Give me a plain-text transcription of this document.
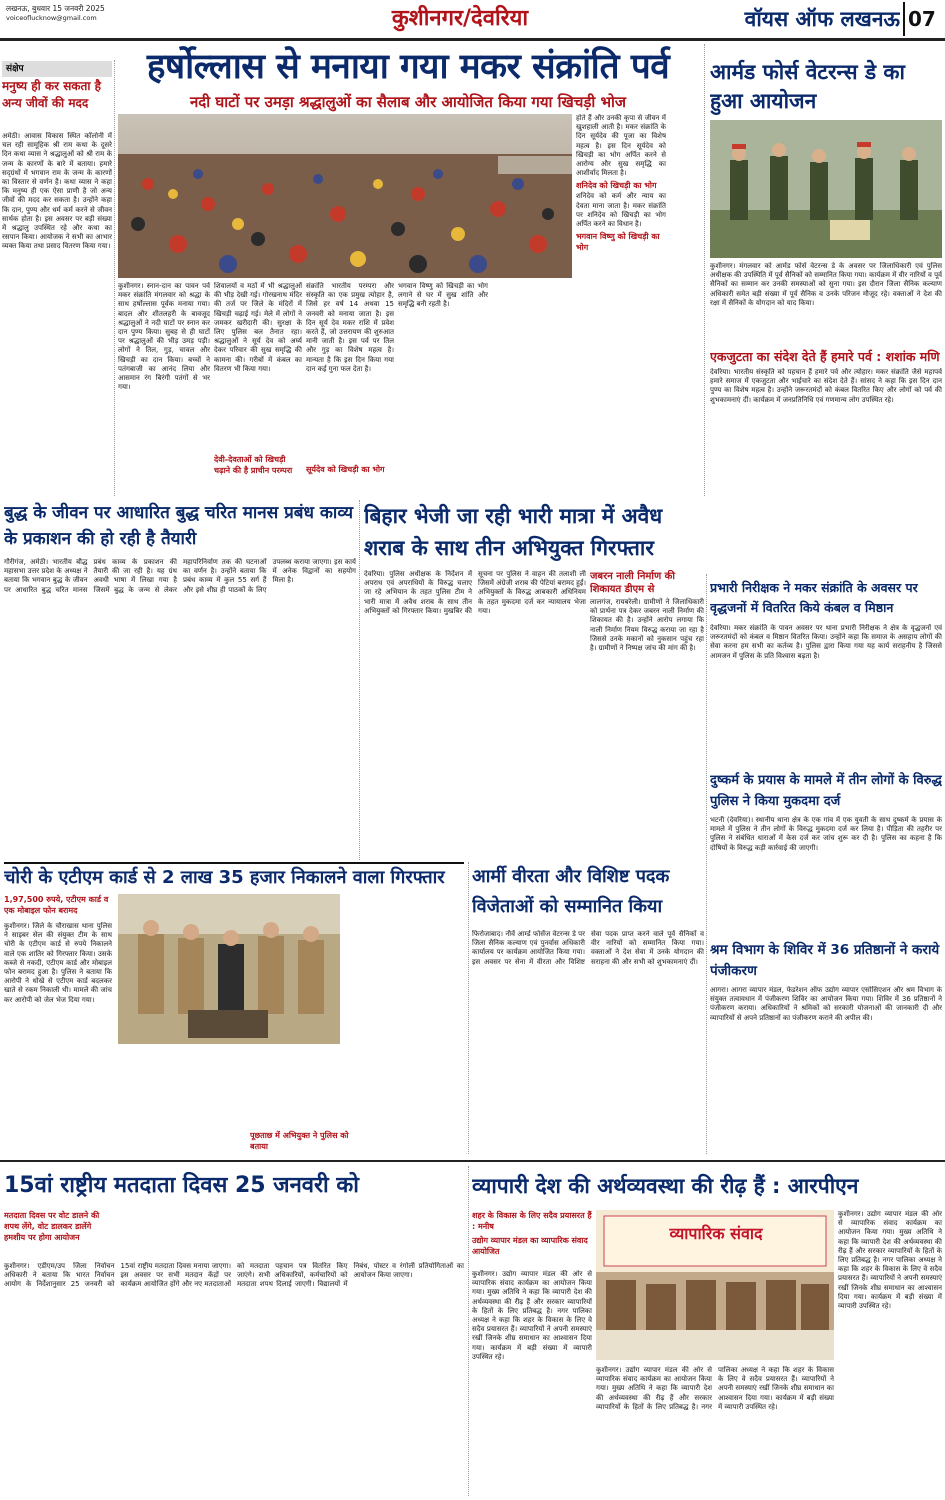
लखनऊ, बुधवार 15 जनवरी 2025
voiceoflucknow@gmail.com	कुशीनगर/देवरिया	वॉयस ऑफ लखनऊ 07
संक्षेप
मनुष्य ही कर सकता है अन्य जीवों की मदद
अमेठी। आवास विकास स्थित कॉलोनी में चल रही सामूहिक श्री राम कथा के दूसरे दिन कथा व्यास ने श्रद्धालुओं को श्री राम के जन्म के कारणों के बारे में बताया। हमारे सद्ग्रंथों में भगवान राम के जन्म के कारणों का विस्तार से वर्णन है। कथा व्यास ने कहा कि मनुष्य ही एक ऐसा प्राणी है जो अन्य जीवों की मदद कर सकता है। उन्होंने कहा कि दान, पुण्य और धर्म कर्म करने से जीवन सार्थक होता है। इस अवसर पर बड़ी संख्या में श्रद्धालु उपस्थित रहे और कथा का रसपान किया। आयोजक ने सभी का आभार व्यक्त किया तथा प्रसाद वितरण किया गया।
हर्षोल्लास से मनाया गया मकर संक्रांति पर्व
नदी घाटों पर उमड़ा श्रद्धालुओं का सैलाब और आयोजित किया गया खिचड़ी भोज
कुशीनगर। स्नान-दान का पावन पर्व मकर संक्रांति मंगलवार को श्रद्धा के साथ हर्षोल्लास पूर्वक मनाया गया। बादल और शीतलहरी के बावजूद श्रद्धालुओं ने नदी घाटों पर स्नान कर दान पुण्य किया। सुबह से ही घाटों पर श्रद्धालुओं की भीड़ उमड़ पड़ी। लोगों ने तिल, गुड़, चावल और खिचड़ी का दान किया। बच्चों ने पतंगबाजी का आनंद लिया और आसमान रंग बिरंगी पतंगों से भर गया।
शिवालयों व मठों में भी श्रद्धालुओं की भीड़ देखी गई। गोरखनाथ मंदिर की तर्ज पर जिले के मंदिरों में खिचड़ी चढ़ाई गई। मेले में लोगों ने जमकर खरीदारी की। सुरक्षा के लिए पुलिस बल तैनात रहा। श्रद्धालुओं ने सूर्य देव को अर्घ्य देकर परिवार की सुख समृद्धि की कामना की। गरीबों में कंबल का वितरण भी किया गया।
देवी-देवताओं को खिचड़ी चढ़ाने की है प्राचीन परम्परा
संक्रांति भारतीय परम्परा और संस्कृति का एक प्रमुख त्योहार है, जिसे हर वर्ष 14 अथवा 15 जनवरी को मनाया जाता है। इस दिन सूर्य देव मकर राशि में प्रवेश करते हैं, जो उत्तरायण की शुरुआत मानी जाती है। इस पर्व पर तिल और गुड़ का विशेष महत्व है। मान्यता है कि इस दिन किया गया दान कई गुना फल देता है।
सूर्यदेव को खिचड़ी का भोग
भगवान विष्णु को खिचड़ी का भोग लगाने से घर में सुख शांति और समृद्धि बनी रहती है।
होते हैं और उनकी कृपा से जीवन में खुशहाली आती है। मकर संक्रांति के दिन सूर्यदेव की पूजा का विशेष महत्व है। इस दिन सूर्यदेव को खिचड़ी का भोग अर्पित करने से आरोग्य और सुख समृद्धि का आशीर्वाद मिलता है।
शनिदेव को खिचड़ी का भोग
शनिदेव को कर्म और न्याय का देवता माना जाता है। मकर संक्रांति पर शनिदेव को खिचड़ी का भोग अर्पित करने का विधान है।
भगवान विष्णु को खिचड़ी का भोग
आर्मड फोर्स वेटरन्स डे का हुआ आयोजन
कुशीनगर। मंगलवार को आर्मड फोर्स वेटरन्स डे के अवसर पर जिलाधिकारी एवं पुलिस अधीक्षक की उपस्थिति में पूर्व सैनिकों को सम्मानित किया गया। कार्यक्रम में वीर नारियों व पूर्व सैनिकों का सम्मान कर उनकी समस्याओं को सुना गया। इस दौरान जिला सैनिक कल्याण अधिकारी समेत बड़ी संख्या में पूर्व सैनिक व उनके परिजन मौजूद रहे। वक्ताओं ने देश की रक्षा में सैनिकों के योगदान को याद किया।
एकजुटता का संदेश देते हैं हमारे पर्व : शशांक मणि
देवरिया। भारतीय संस्कृति को पहचान हैं हमारे पर्व और त्योहार। मकर संक्रांति जैसे महापर्व हमारे समाज में एकजुटता और भाईचारे का संदेश देते हैं। सांसद ने कहा कि इस दिन दान पुण्य का विशेष महत्व है। उन्होंने जरूरतमंदों को कंबल वितरित किए और लोगों को पर्व की शुभकामनाएं दीं। कार्यक्रम में जनप्रतिनिधि एवं गणमान्य लोग उपस्थित रहे।
बुद्ध के जीवन पर आधारित बुद्ध चरित मानस प्रबंध काव्य के प्रकाशन की हो रही है तैयारी
गौरीगंज, अमेठी। भारतीय बौद्ध महासभा उत्तर प्रदेश के अध्यक्ष ने बताया कि भगवान बुद्ध के जीवन पर आधारित बुद्ध चरित मानस प्रबंध काव्य के प्रकाशन की तैयारी की जा रही है। यह ग्रंथ अवधी भाषा में लिखा गया है जिसमें बुद्ध के जन्म से लेकर महापरिनिर्वाण तक की घटनाओं का वर्णन है। उन्होंने बताया कि प्रबंध काव्य में कुल 55 सर्ग हैं और इसे शीघ्र ही पाठकों के लिए उपलब्ध कराया जाएगा। इस कार्य में अनेक विद्वानों का सहयोग मिला है।
बिहार भेजी जा रही भारी मात्रा में अवैध शराब के साथ तीन अभियुक्त गिरफ्तार
देवरिया। पुलिस अधीक्षक के निर्देशन में अपराध एवं अपराधियों के विरुद्ध चलाए जा रहे अभियान के तहत पुलिस टीम ने भारी मात्रा में अवैध शराब के साथ तीन अभियुक्तों को गिरफ्तार किया। मुखबिर की सूचना पर पुलिस ने वाहन की तलाशी ली जिसमें अंग्रेजी शराब की पेटियां बरामद हुईं। अभियुक्तों के विरुद्ध आबकारी अधिनियम के तहत मुकदमा दर्ज कर न्यायालय भेजा गया।
जबरन नाली निर्माण की शिकायत डीएम से
लालगंज, रायबरेली। ग्रामीणों ने जिलाधिकारी को प्रार्थना पत्र देकर जबरन नाली निर्माण की शिकायत की है। उन्होंने आरोप लगाया कि नाली निर्माण नियम विरुद्ध कराया जा रहा है जिससे उनके मकानों को नुकसान पहुंच रहा है। ग्रामीणों ने निष्पक्ष जांच की मांग की है।
प्रभारी निरीक्षक ने मकर संक्रांति के अवसर पर वृद्धजनों में वितरित किये कंबल व मिष्ठान
देवरिया। मकर संक्रांति के पावन अवसर पर थाना प्रभारी निरीक्षक ने क्षेत्र के वृद्धजनों एवं जरूरतमंदों को कंबल व मिष्ठान वितरित किया। उन्होंने कहा कि समाज के असहाय लोगों की सेवा करना हम सभी का कर्तव्य है। पुलिस द्वारा किया गया यह कार्य सराहनीय है जिससे आमजन में पुलिस के प्रति विश्वास बढ़ता है।
दुष्कर्म के प्रयास के मामले में तीन लोगों के विरुद्ध पुलिस ने किया मुकदमा दर्ज
भटनी (देवरिया)। स्थानीय थाना क्षेत्र के एक गांव में एक युवती के साथ दुष्कर्म के प्रयास के मामले में पुलिस ने तीन लोगों के विरुद्ध मुकदमा दर्ज कर लिया है। पीड़िता की तहरीर पर पुलिस ने संबंधित धाराओं में केस दर्ज कर जांच शुरू कर दी है। पुलिस का कहना है कि दोषियों के विरुद्ध कड़ी कार्रवाई की जाएगी।
श्रम विभाग के शिविर में 36 प्रतिष्ठानों ने कराये पंजीकरण
आगरा। आगरा व्यापार मंडल, फेडरेशन ऑफ उद्योग व्यापार एसोसिएशन और श्रम विभाग के संयुक्त तत्वावधान में पंजीकरण शिविर का आयोजन किया गया। शिविर में 36 प्रतिष्ठानों ने पंजीकरण कराया। अधिकारियों ने श्रमिकों को सरकारी योजनाओं की जानकारी दी और व्यापारियों से अपने प्रतिष्ठानों का पंजीकरण कराने की अपील की।
चोरी के एटीएम कार्ड से 2 लाख 35 हजार निकालने वाला गिरफ्तार
1,97,500 रुपये, एटीएम कार्ड व एक मोबाइल फोन बरामद
कुशीनगर। जिले के चौराखास थाना पुलिस ने साइबर सेल की संयुक्त टीम के साथ चोरी के एटीएम कार्ड से रुपये निकालने वाले एक शातिर को गिरफ्तार किया। उसके कब्जे से नकदी, एटीएम कार्ड और मोबाइल फोन बरामद हुआ है। पुलिस ने बताया कि आरोपी ने धोखे से एटीएम कार्ड बदलकर खाते से रकम निकाली थी। मामले की जांच कर आरोपी को जेल भेज दिया गया।
पूछताछ में अभियुक्त ने पुलिस को बताया
आर्मी वीरता और विशिष्ट पदक विजेताओं को सम्मानित किया
फिरोजाबाद। नौवें आर्म्ड फोर्सेज वेटरन्स डे पर जिला सैनिक कल्याण एवं पुनर्वास अधिकारी कार्यालय पर कार्यक्रम आयोजित किया गया। इस अवसर पर सेना में वीरता और विशिष्ट सेवा पदक प्राप्त करने वाले पूर्व सैनिकों व वीर नारियों को सम्मानित किया गया। वक्ताओं ने देश सेवा में उनके योगदान की सराहना की और सभी को शुभकामनाएं दीं।
15वां राष्ट्रीय मतदाता दिवस 25 जनवरी को
मतदाता दिवस पर वोट डालने की शपथ लेंगे, वोट डालकर डालेंगे हमशीय पर होगा आयोजन
कुशीनगर। एडीएम/उप जिला निर्वाचन अधिकारी ने बताया कि भारत निर्वाचन आयोग के निर्देशानुसार 25 जनवरी को 15वां राष्ट्रीय मतदाता दिवस मनाया जाएगा। इस अवसर पर सभी मतदान केंद्रों पर कार्यक्रम आयोजित होंगे और नए मतदाताओं को मतदाता पहचान पत्र वितरित किए जाएंगे। सभी अधिकारियों, कर्मचारियों को मतदाता शपथ दिलाई जाएगी। विद्यालयों में निबंध, पोस्टर व रंगोली प्रतियोगिताओं का आयोजन किया जाएगा।
व्यापारी देश की अर्थव्यवस्था की रीढ़ हैं : आरपीएन
शहर के विकास के लिए सदैव प्रयासरत हैं : मनीष
उद्योग व्यापार मंडल का व्यापारिक संवाद आयोजित
व्यापारिक संवाद
कुशीनगर। उद्योग व्यापार मंडल की ओर से व्यापारिक संवाद कार्यक्रम का आयोजन किया गया। मुख्य अतिथि ने कहा कि व्यापारी देश की अर्थव्यवस्था की रीढ़ हैं और सरकार व्यापारियों के हितों के लिए प्रतिबद्ध है। नगर पालिका अध्यक्ष ने कहा कि शहर के विकास के लिए वे सदैव प्रयासरत हैं। व्यापारियों ने अपनी समस्याएं रखीं जिनके शीघ्र समाधान का आश्वासन दिया गया। कार्यक्रम में बड़ी संख्या में व्यापारी उपस्थित रहे।
कुशीनगर। उद्योग व्यापार मंडल की ओर से व्यापारिक संवाद कार्यक्रम का आयोजन किया गया। मुख्य अतिथि ने कहा कि व्यापारी देश की अर्थव्यवस्था की रीढ़ हैं और सरकार व्यापारियों के हितों के लिए प्रतिबद्ध है। नगर पालिका अध्यक्ष ने कहा कि शहर के विकास के लिए वे सदैव प्रयासरत हैं। व्यापारियों ने अपनी समस्याएं रखीं जिनके शीघ्र समाधान का आश्वासन दिया गया। कार्यक्रम में बड़ी संख्या में व्यापारी उपस्थित रहे।
कुशीनगर। उद्योग व्यापार मंडल की ओर से व्यापारिक संवाद कार्यक्रम का आयोजन किया गया। मुख्य अतिथि ने कहा कि व्यापारी देश की अर्थव्यवस्था की रीढ़ हैं और सरकार व्यापारियों के हितों के लिए प्रतिबद्ध है। नगर पालिका अध्यक्ष ने कहा कि शहर के विकास के लिए वे सदैव प्रयासरत हैं। व्यापारियों ने अपनी समस्याएं रखीं जिनके शीघ्र समाधान का आश्वासन दिया गया। कार्यक्रम में बड़ी संख्या में व्यापारी उपस्थित रहे।
